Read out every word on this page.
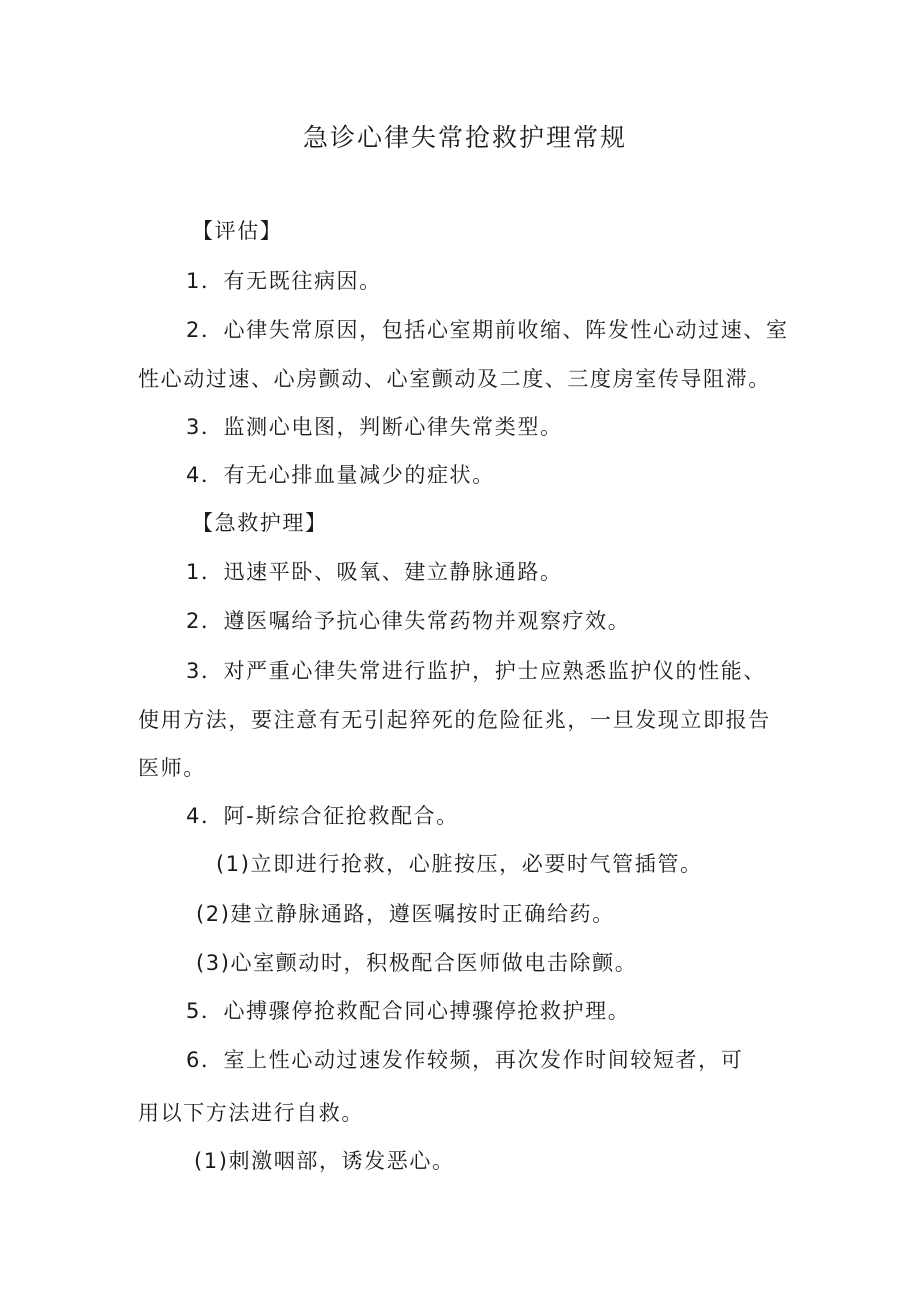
急诊心律失常抢救护理常规
【评估】
1．有无既往病因。
2．心律失常原因，包括心室期前收缩、阵发性心动过速、室
性心动过速、心房颤动、心室颤动及二度、三度房室传导阻滞。
3．监测心电图，判断心律失常类型。
4．有无心排血量减少的症状。
【急救护理】
1．迅速平卧、吸氧、建立静脉通路。
2．遵医嘱给予抗心律失常药物并观察疗效。
3．对严重心律失常进行监护，护士应熟悉监护仪的性能、
使用方法，要注意有无引起猝死的危险征兆，一旦发现立即报告
医师。
4．阿-斯综合征抢救配合。
(1)立即进行抢救，心脏按压，必要时气管插管。
(2)建立静脉通路，遵医嘱按时正确给药。
(3)心室颤动时，积极配合医师做电击除颤。
5．心搏骤停抢救配合同心搏骤停抢救护理。
6．室上性心动过速发作较频，再次发作时间较短者，可
用以下方法进行自救。
(1)刺激咽部，诱发恶心。
